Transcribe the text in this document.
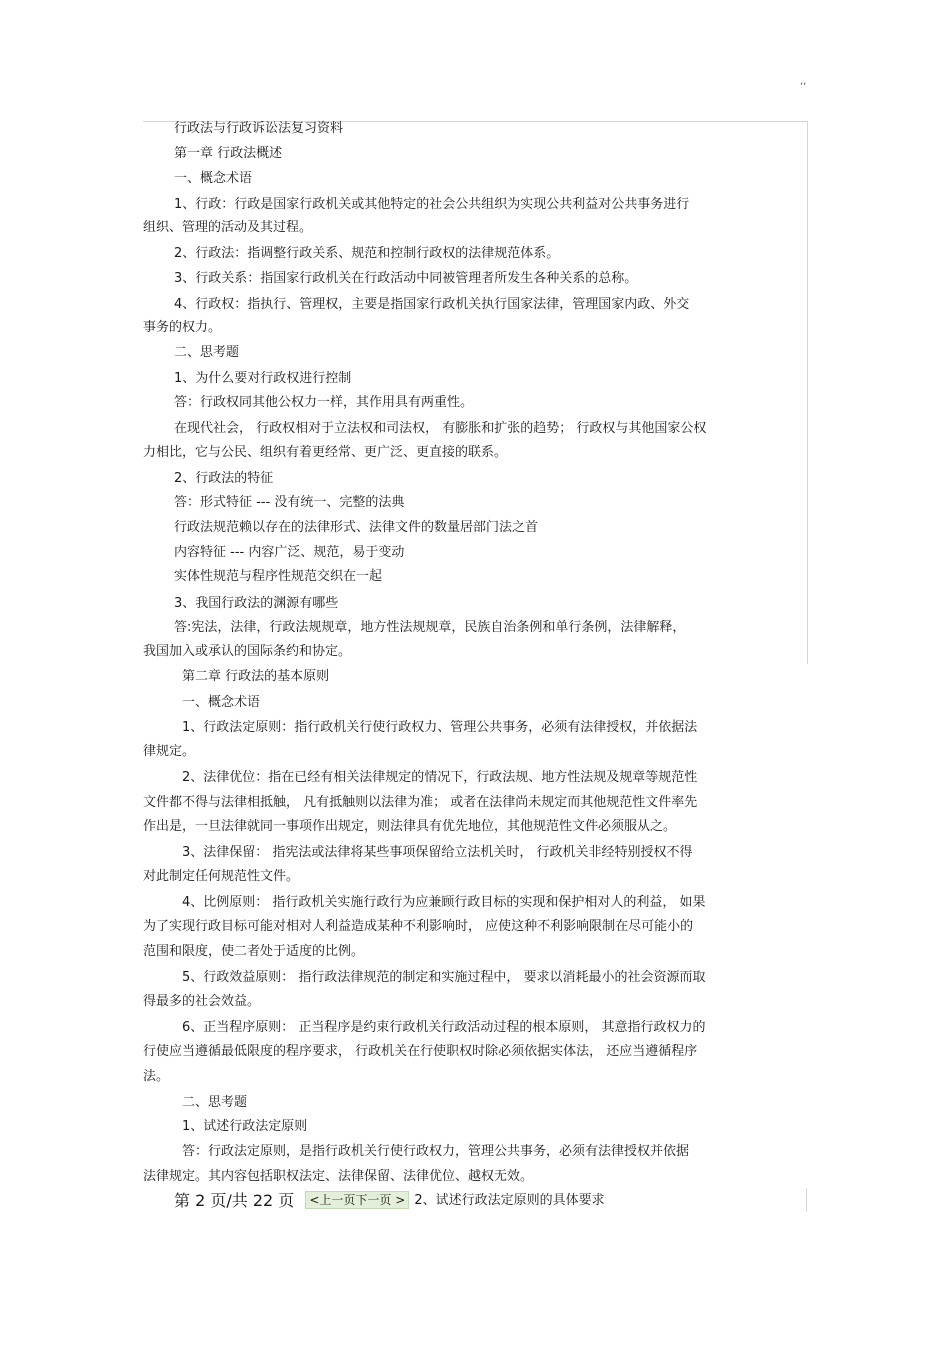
,,
行政法与行政诉讼法复习资料
第一章 行政法概述
一、概念术语
1、行政：行政是国家行政机关或其他特定的社会公共组织为实现公共利益对公共事务进行
组织、管理的活动及其过程。
2、行政法：指调整行政关系、规范和控制行政权的法律规范体系。
3、行政关系：指国家行政机关在行政活动中同被管理者所发生各种关系的总称。
4、行政权：指执行、管理权，主要是指国家行政机关执行国家法律，管理国家内政、外交
事务的权力。
二、思考题
1、为什么要对行政权进行控制
答：行政权同其他公权力一样，其作用具有两重性。
在现代社会， 行政权相对于立法权和司法权， 有膨胀和扩张的趋势； 行政权与其他国家公权
力相比，它与公民、组织有着更经常、更广泛、更直接的联系。
2、行政法的特征
答：形式特征 --- 没有统一、完整的法典
行政法规范赖以存在的法律形式、法律文件的数量居部门法之首
内容特征 --- 内容广泛、规范，易于变动
实体性规范与程序性规范交织在一起
3、我国行政法的渊源有哪些
答:宪法，法律，行政法规规章，地方性法规规章，民族自治条例和单行条例，法律解释，
我国加入或承认的国际条约和协定。
第二章 行政法的基本原则
一、概念术语
1、行政法定原则：指行政机关行使行政权力、管理公共事务，必须有法律授权，并依据法
律规定。
2、法律优位：指在已经有相关法律规定的情况下，行政法规、地方性法规及规章等规范性
文件都不得与法律相抵触， 凡有抵触则以法律为准； 或者在法律尚未规定而其他规范性文件率先
作出是，一旦法律就同一事项作出规定，则法律具有优先地位，其他规范性文件必须服从之。
3、法律保留： 指宪法或法律将某些事项保留给立法机关时， 行政机关非经特别授权不得
对此制定任何规范性文件。
4、比例原则： 指行政机关实施行政行为应兼顾行政目标的实现和保护相对人的利益， 如果
为了实现行政目标可能对相对人利益造成某种不利影响时， 应使这种不利影响限制在尽可能小的
范围和限度，使二者处于适度的比例。
5、行政效益原则： 指行政法律规范的制定和实施过程中， 要求以消耗最小的社会资源而取
得最多的社会效益。
6、正当程序原则： 正当程序是约束行政机关行政活动过程的根本原则， 其意指行政权力的
行使应当遵循最低限度的程序要求， 行政机关在行使职权时除必须依据实体法， 还应当遵循程序
法。
二、思考题
1、试述行政法定原则
答：行政法定原则，是指行政机关行使行政权力，管理公共事务，必须有法律授权并依据
法律规定。其内容包括职权法定、法律保留、法律优位、越权无效。
第 2 页/共 22 页 <上一页下一页 > 2、试述行政法定原则的具体要求
